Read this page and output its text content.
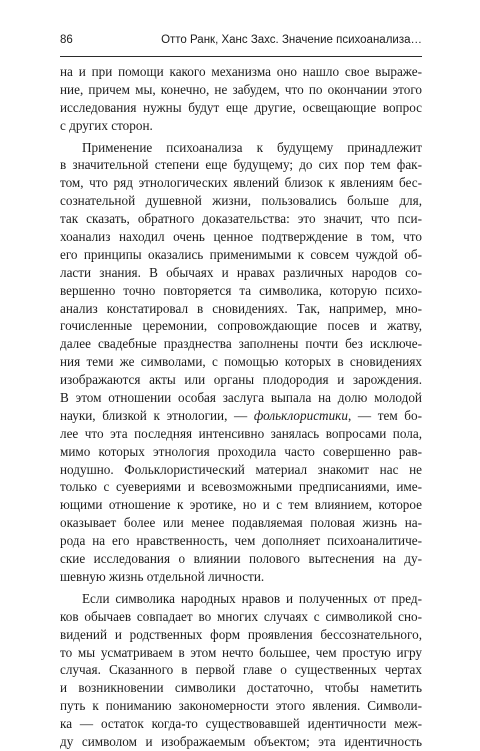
86	Отто Ранк, Ханс Захс. Значение психоанализа…
на и при помощи какого механизма оно нашло свое выраже-
ние, причем мы, конечно, не забудем, что по окончании этого
исследования нужны будут еще другие, освещающие вопрос
с других сторон.
Применение психоанализа к будущему принадлежит
в значительной степени еще будущему; до сих пор тем фак-
том, что ряд этнологических явлений близок к явлениям бес-
сознательной душевной жизни, пользовались больше для,
так сказать, обратного доказательства: это значит, что пси-
хоанализ находил очень ценное подтверждение в том, что
его принципы оказались применимыми к совсем чуждой об-
ласти знания. В обычаях и нравах различных народов со-
вершенно точно повторяется та символика, которую психо-
анализ констатировал в сновидениях. Так, например, мно-
гочисленные церемонии, сопровождающие посев и жатву,
далее свадебные празднества заполнены почти без исключе-
ния теми же символами, с помощью которых в сновидениях
изображаются акты или органы плодородия и зарождения.
В этом отношении особая заслуга выпала на долю молодой
науки, близкой к этнологии, — фольклористики, — тем бо-
лее что эта последняя интенсивно занялась вопросами пола,
мимо которых этнология проходила часто совершенно рав-
нодушно. Фольклористический материал знакомит нас не
только с суевериями и всевозможными предписаниями, име-
ющими отношение к эротике, но и с тем влиянием, которое
оказывает более или менее подавляемая половая жизнь на-
рода на его нравственность, чем дополняет психоаналитиче-
ские исследования о влиянии полового вытеснения на ду-
шевную жизнь отдельной личности.
Если символика народных нравов и полученных от пред-
ков обычаев совпадает во многих случаях с символикой сно-
видений и родственных форм проявления бессознательного,
то мы усматриваем в этом нечто большее, чем простую игру
случая. Сказанного в первой главе о существенных чертах
и возникновении символики достаточно, чтобы наметить
путь к пониманию закономерности этого явления. Символи-
ка — остаток когда-то существовавшей идентичности меж-
ду символом и изображаемым объектом; эта идентичность
